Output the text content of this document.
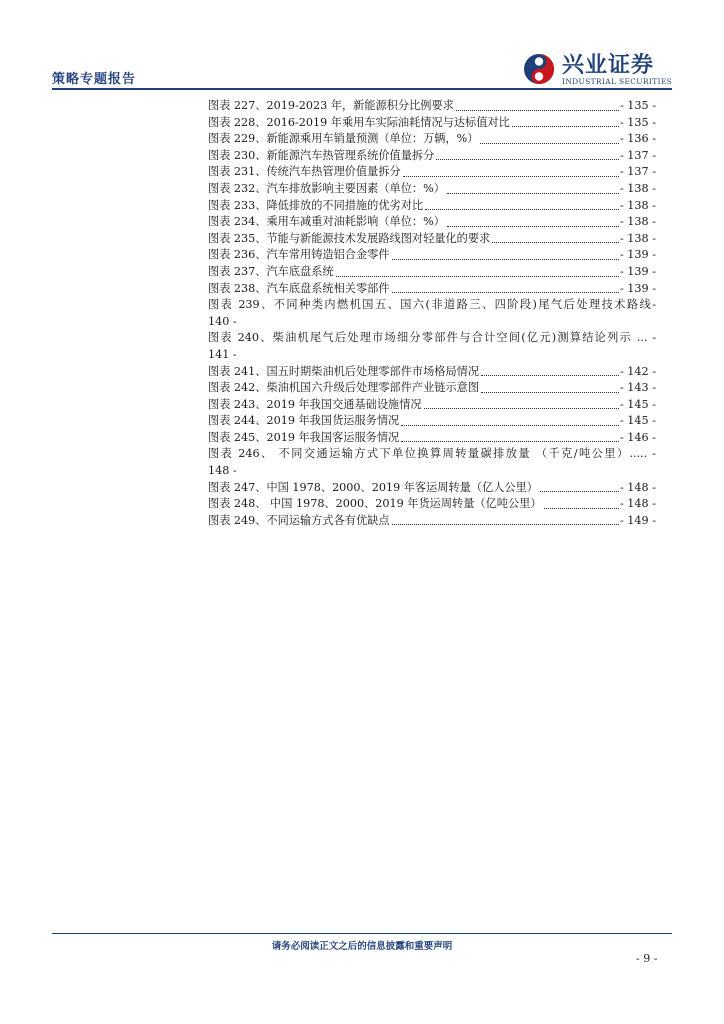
策略专题报告
兴业证券
INDUSTRIAL SECURITIES
图表 227、2019-2023 年，新能源积分比例要求	- 135 -
图表 228、2016-2019 年乘用车实际油耗情况与达标值对比	- 135 -
图表 229、新能源乘用车销量预测（单位：万辆，%）	- 136 -
图表 230、新能源汽车热管理系统价值量拆分	- 137 -
图表 231、传统汽车热管理价值量拆分	- 137 -
图表 232、汽车排放影响主要因素（单位：%）	- 138 -
图表 233、降低排放的不同措施的优劣对比	- 138 -
图表 234、乘用车减重对油耗影响（单位：%）	- 138 -
图表 235、节能与新能源技术发展路线图对轻量化的要求	- 138 -
图表 236、汽车常用铸造铝合金零件	- 139 -
图表 237、汽车底盘系统	- 139 -
图表 238、汽车底盘系统相关零部件	- 139 -
图表 239、不同种类内燃机国五、国六(非道路三、四阶段)尾气后处理技术路线-
140 -
图表 240、柴油机尾气后处理市场细分零部件与合计空间(亿元)测算结论列示 ... -
141 -
图表 241、国五时期柴油机后处理零部件市场格局情况	- 142 -
图表 242、柴油机国六升级后处理零部件产业链示意图	- 143 -
图表 243、2019 年我国交通基础设施情况	- 145 -
图表 244、2019 年我国货运服务情况	- 145 -
图表 245、2019 年我国客运服务情况	- 146 -
图表 246、 不同交通运输方式下单位换算周转量碳排放量 （千克/吨公里）..... -
148 -
图表 247、中国 1978、2000、2019 年客运周转量（亿人公里）	- 148 -
图表 248、 中国 1978、2000、2019 年货运周转量（亿吨公里）	- 148 -
图表 249、不同运输方式各有优缺点	- 149 -
请务必阅读正文之后的信息披露和重要声明
- 9 -
